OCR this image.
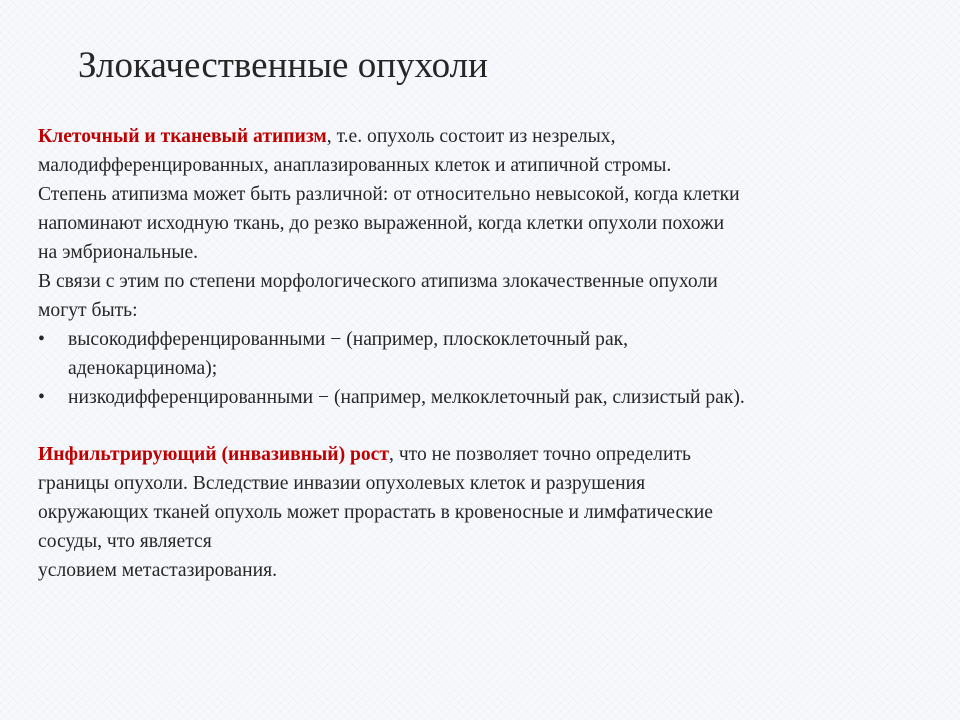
Злокачественные опухоли
Клеточный и тканевый атипизм, т.е. опухоль состоит из незрелых,
малодифференцированных, анаплазированных клеток и атипичной стромы.
Степень атипизма может быть различной: от относительно невысокой, когда клетки
напоминают исходную ткань, до резко выраженной, когда клетки опухоли похожи
на эмбриональные.
В связи с этим по степени морфологического атипизма злокачественные опухоли
могут быть:
• высокодифференцированными − (например, плоскоклеточный рак,
аденокарцинома);
• низкодифференцированными − (например, мелкоклеточный рак, слизистый рак).
Инфильтрирующий (инвазивный) рост, что не позволяет точно определить
границы опухоли. Вследствие инвазии опухолевых клеток и разрушения
окружающих тканей опухоль может прорастать в кровеносные и лимфатические
сосуды, что является
условием метастазирования.
